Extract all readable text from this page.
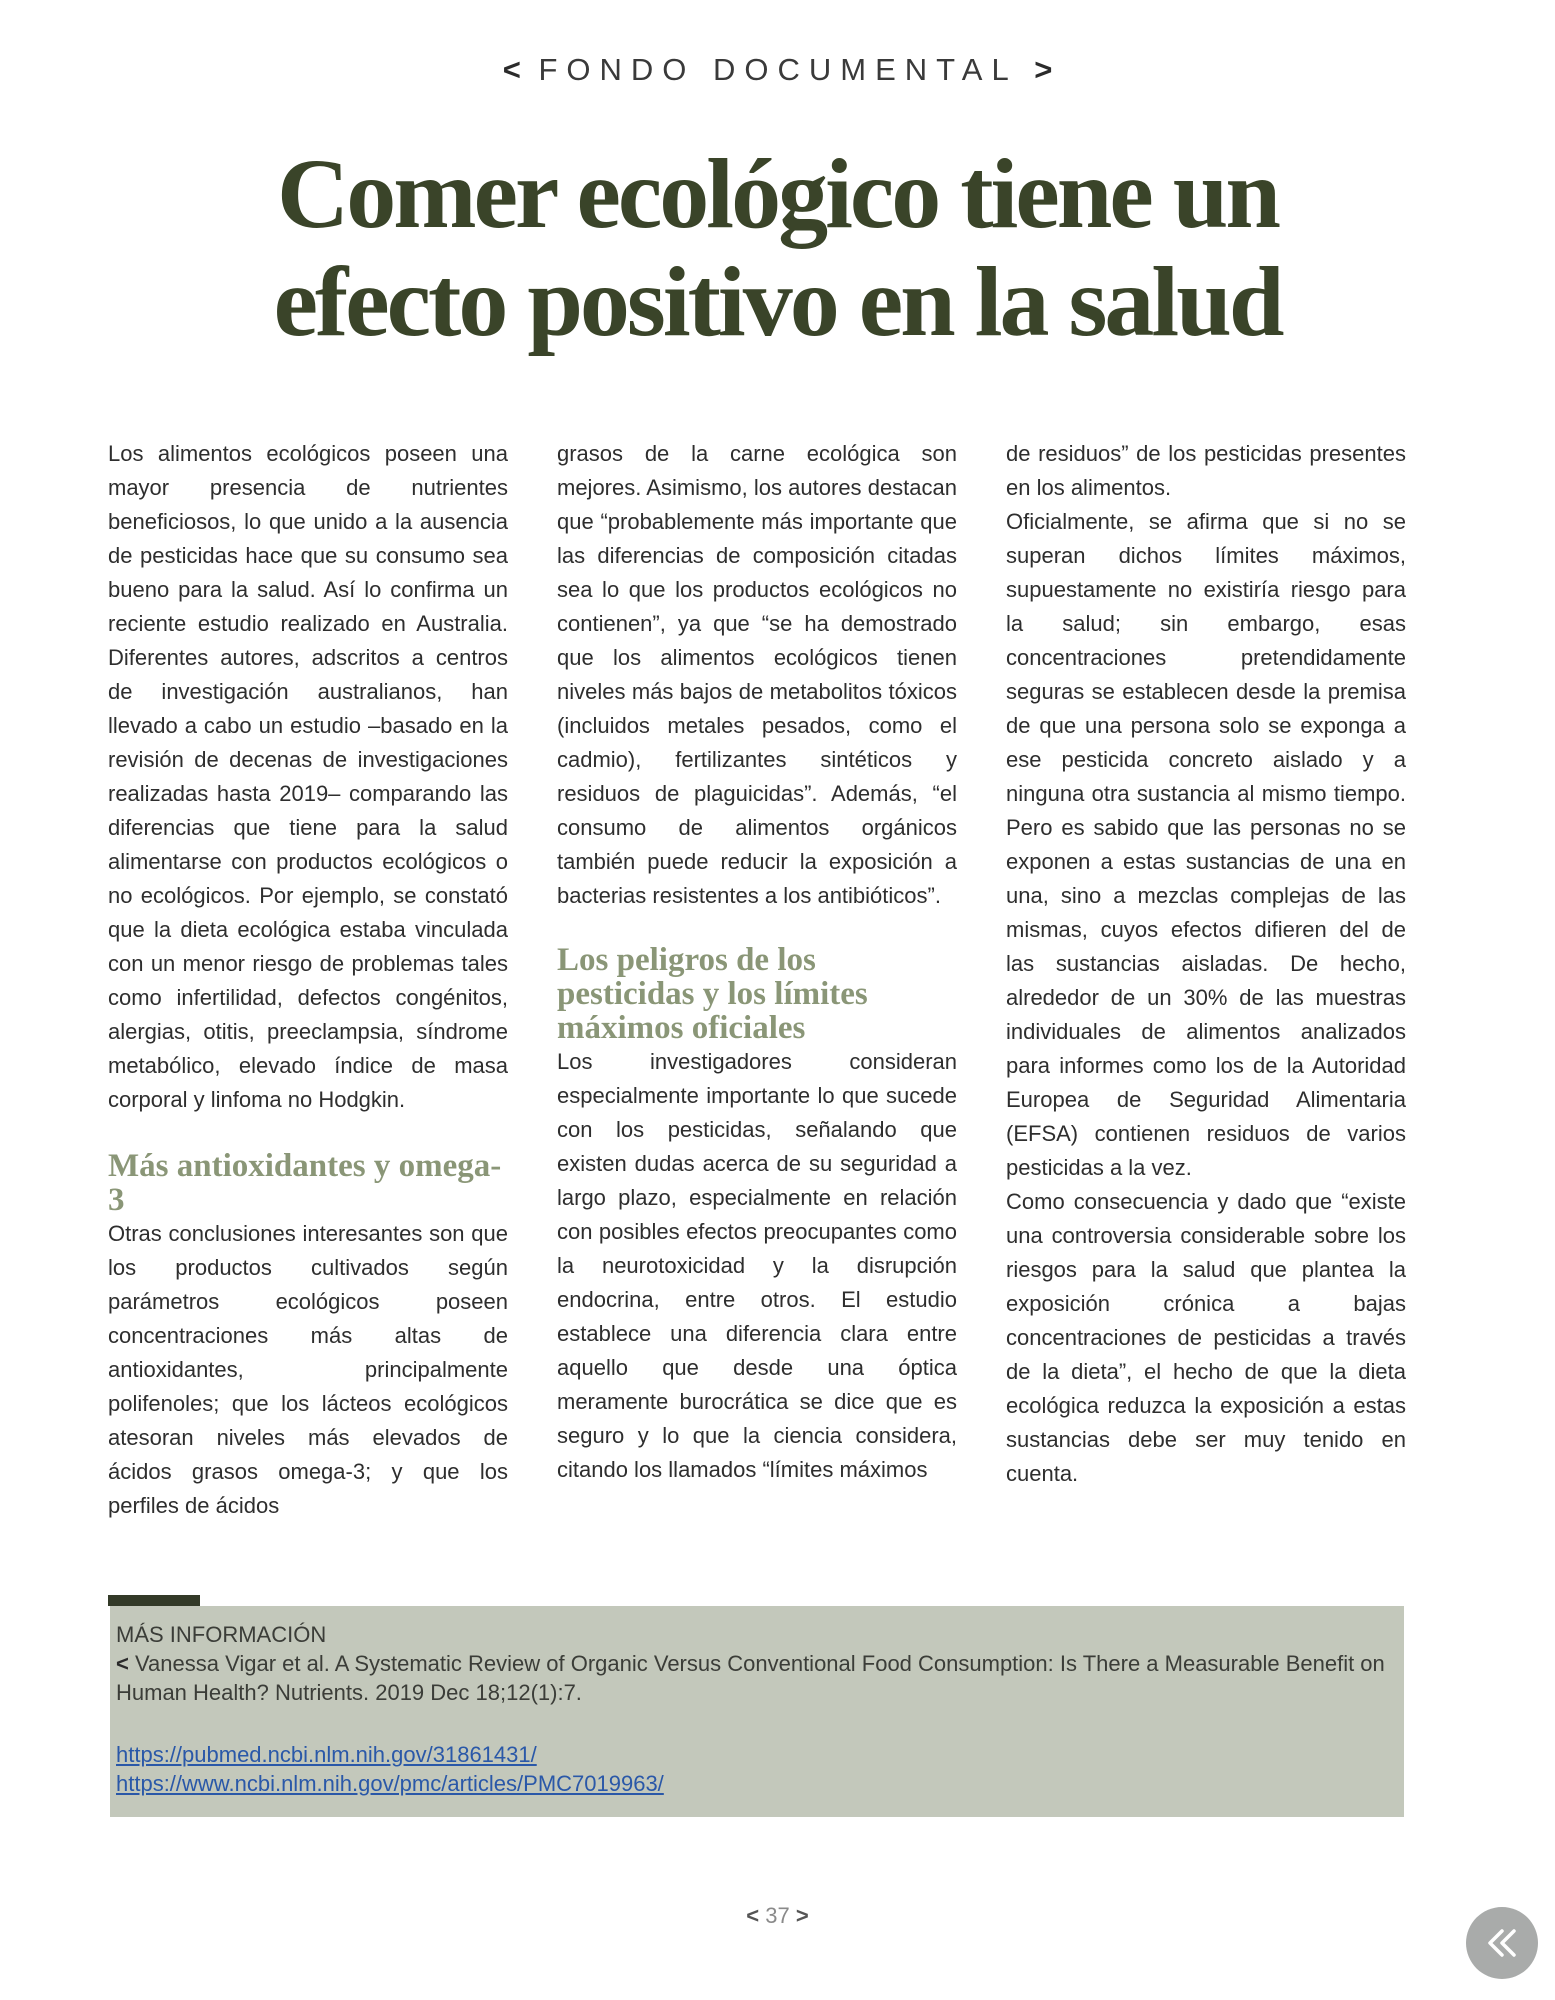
< FONDO DOCUMENTAL >
Comer ecológico tiene un
efecto positivo en la salud

Los alimentos ecológicos poseen una mayor presencia de nutrientes beneficiosos, lo que unido a la ausencia de pesticidas hace que su consumo sea bueno para la salud. Así lo confirma un reciente estudio realizado en Australia. Diferentes autores, adscritos a centros de investigación australianos, han llevado a cabo un estudio –basado en la revisión de decenas de investigaciones realizadas hasta 2019– comparando las diferencias que tiene para la salud alimentarse con productos ecológicos o no ecológicos. Por ejemplo, se constató que la dieta ecológica estaba vinculada con un menor riesgo de problemas tales como infertilidad, defectos congénitos, alergias, otitis, preeclampsia, síndrome metabólico, elevado índice de masa corporal y linfoma no Hodgkin.

Más antioxidantes y omega-3

Otras conclusiones interesantes son que los productos cultivados según parámetros ecológicos poseen concentraciones más altas de antioxidantes, principalmente polifenoles; que los lácteos ecológicos atesoran niveles más elevados de ácidos grasos omega-3; y que los perfiles de ácidos

grasos de la carne ecológica son mejores. Asimismo, los autores destacan que “probablemente más importante que las diferencias de composición citadas sea lo que los productos ecológicos no contienen”, ya que “se ha demostrado que los alimentos ecológicos tienen niveles más bajos de metabolitos tóxicos (incluidos metales pesados, como el cadmio), fertilizantes sintéticos y residuos de plaguicidas”. Además, “el consumo de alimentos orgánicos también puede reducir la exposición a bacterias resistentes a los antibióticos”.

Los peligros de los pesticidas y los límites máximos oficiales

Los investigadores consideran especialmente importante lo que sucede con los pesticidas, señalando que existen dudas acerca de su seguridad a largo plazo, especialmente en relación con posibles efectos preocupantes como la neurotoxicidad y la disrupción endocrina, entre otros. El estudio establece una diferencia clara entre aquello que desde una óptica meramente burocrática se dice que es seguro y lo que la ciencia considera, citando los llamados “límites máximos

de residuos” de los pesticidas presentes en los alimentos.

Oficialmente, se afirma que si no se superan dichos límites máximos, supuestamente no existiría riesgo para la salud; sin embargo, esas concentraciones pretendidamente seguras se establecen desde la premisa de que una persona solo se exponga a ese pesticida concreto aislado y a ninguna otra sustancia al mismo tiempo. Pero es sabido que las personas no se exponen a estas sustancias de una en una, sino a mezclas complejas de las mismas, cuyos efectos difieren del de las sustancias aisladas. De hecho, alrededor de un 30% de las muestras individuales de alimentos analizados para informes como los de la Autoridad Europea de Seguridad Alimentaria (EFSA) contienen residuos de varios pesticidas a la vez.

Como consecuencia y dado que “existe una controversia considerable sobre los riesgos para la salud que plantea la exposición crónica a bajas concentraciones de pesticidas a través de la dieta”, el hecho de que la dieta ecológica reduzca la exposición a estas sustancias debe ser muy tenido en cuenta.

MÁS INFORMACIÓN
< Vanessa Vigar et al. A Systematic Review of Organic Versus Conventional Food Consumption: Is There a Measurable Benefit on Human Health? Nutrients. 2019 Dec 18;12(1):7.
https://pubmed.ncbi.nlm.nih.gov/31861431/
https://www.ncbi.nlm.nih.gov/pmc/articles/PMC7019963/
< 37 >
